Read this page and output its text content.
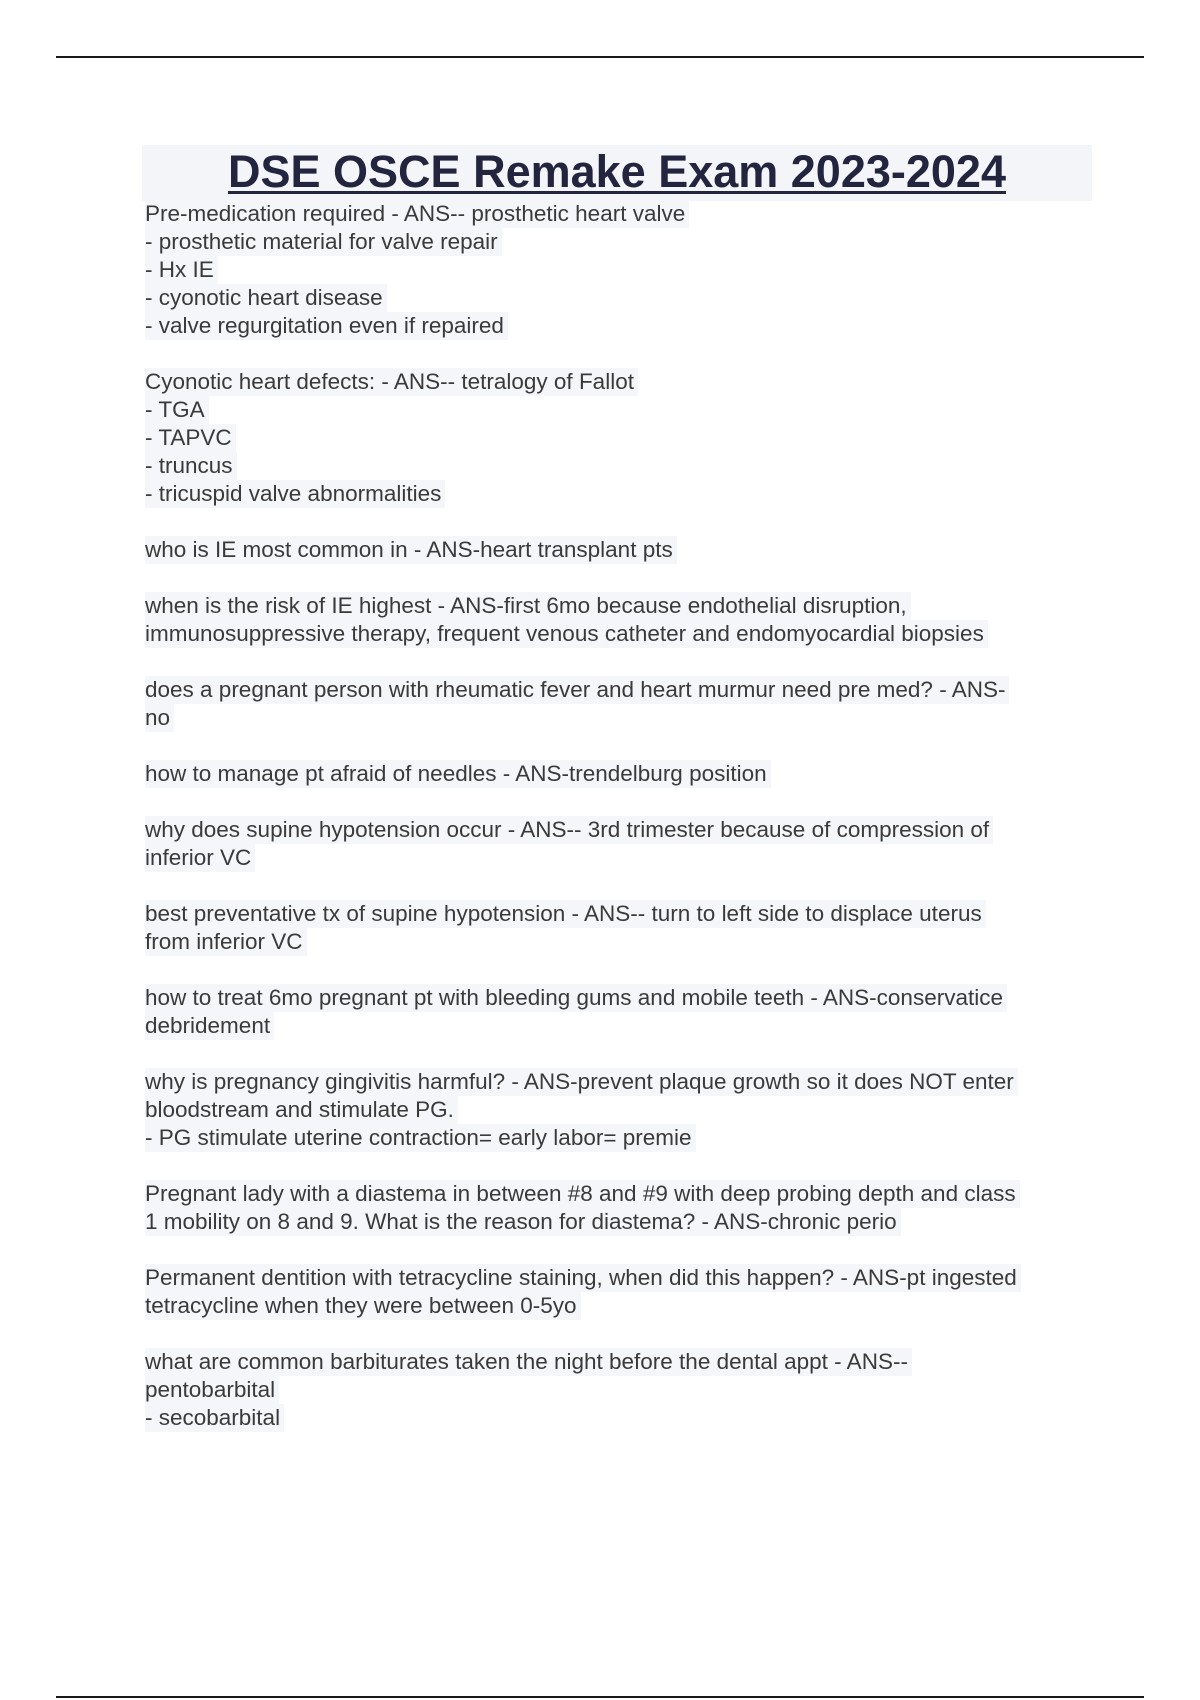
DSE OSCE Remake Exam 2023-2024
Pre-medication required - ANS-- prosthetic heart valve
- prosthetic material for valve repair
- Hx IE
- cyonotic heart disease
- valve regurgitation even if repaired
Cyonotic heart defects: - ANS-- tetralogy of Fallot
- TGA
- TAPVC
- truncus
- tricuspid valve abnormalities
who is IE most common in - ANS-heart transplant pts
when is the risk of IE highest - ANS-first 6mo because endothelial disruption,
immunosuppressive therapy, frequent venous catheter and endomyocardial biopsies
does a pregnant person with rheumatic fever and heart murmur need pre med? - ANS-
no
how to manage pt afraid of needles - ANS-trendelburg position
why does supine hypotension occur - ANS-- 3rd trimester because of compression of
inferior VC
best preventative tx of supine hypotension - ANS-- turn to left side to displace uterus
from inferior VC
how to treat 6mo pregnant pt with bleeding gums and mobile teeth - ANS-conservatice
debridement
why is pregnancy gingivitis harmful? - ANS-prevent plaque growth so it does NOT enter
bloodstream and stimulate PG.
- PG stimulate uterine contraction= early labor= premie
Pregnant lady with a diastema in between #8 and #9 with deep probing depth and class
1 mobility on 8 and 9. What is the reason for diastema? - ANS-chronic perio
Permanent dentition with tetracycline staining, when did this happen? - ANS-pt ingested
tetracycline when they were between 0-5yo
what are common barbiturates taken the night before the dental appt - ANS--
pentobarbital
- secobarbital
